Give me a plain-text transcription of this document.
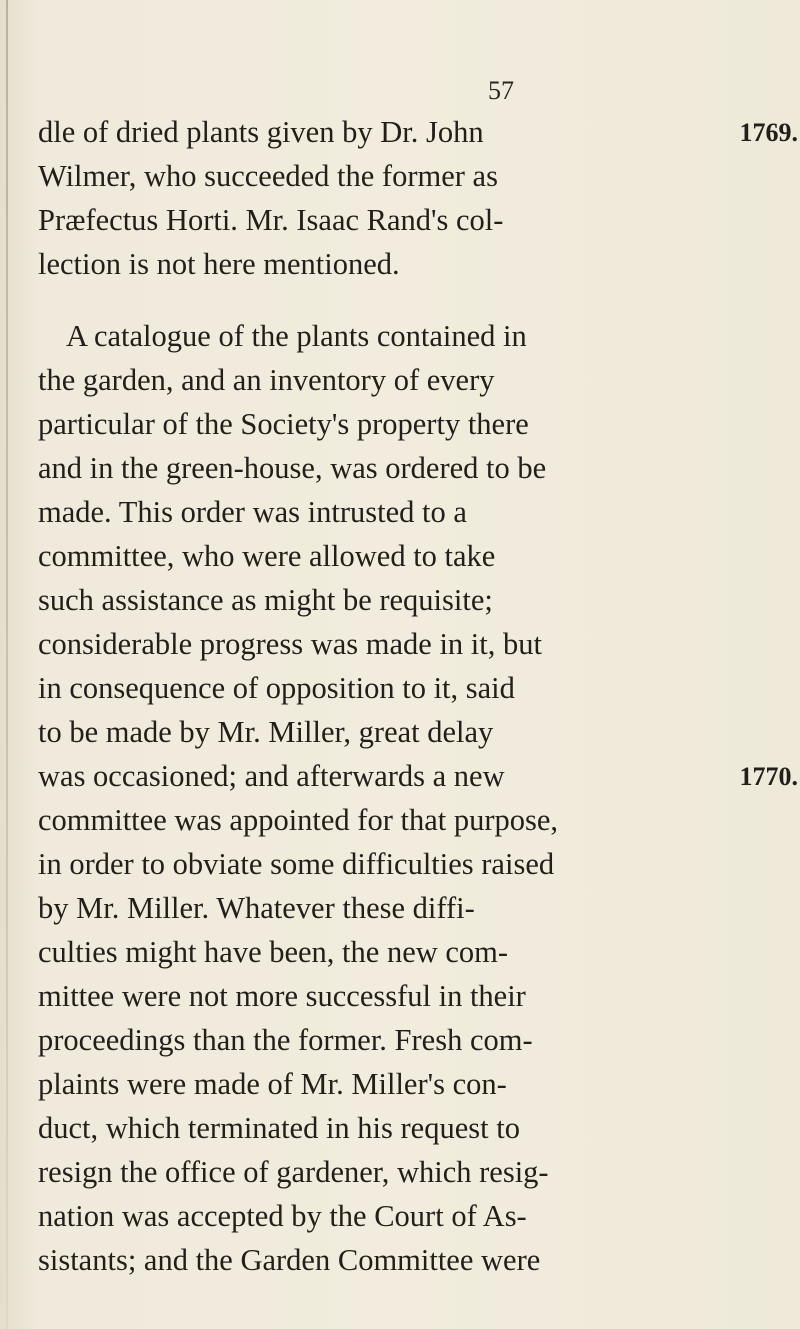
57
dle of dried plants given by Dr. John	1769.
Wilmer, who succeeded the former as
Præfectus Horti. Mr. Isaac Rand's col-
lection is not here mentioned.
A catalogue of the plants contained in
the garden, and an inventory of every
particular of the Society's property there
and in the green-house, was ordered to be
made. This order was intrusted to a
committee, who were allowed to take
such assistance as might be requisite;
considerable progress was made in it, but
in consequence of opposition to it, said
to be made by Mr. Miller, great delay
was occasioned; and afterwards a new	1770.
committee was appointed for that purpose,
in order to obviate some difficulties raised
by Mr. Miller. Whatever these diffi-
culties might have been, the new com-
mittee were not more successful in their
proceedings than the former. Fresh com-
plaints were made of Mr. Miller's con-
duct, which terminated in his request to
resign the office of gardener, which resig-
nation was accepted by the Court of As-
sistants; and the Garden Committee were
